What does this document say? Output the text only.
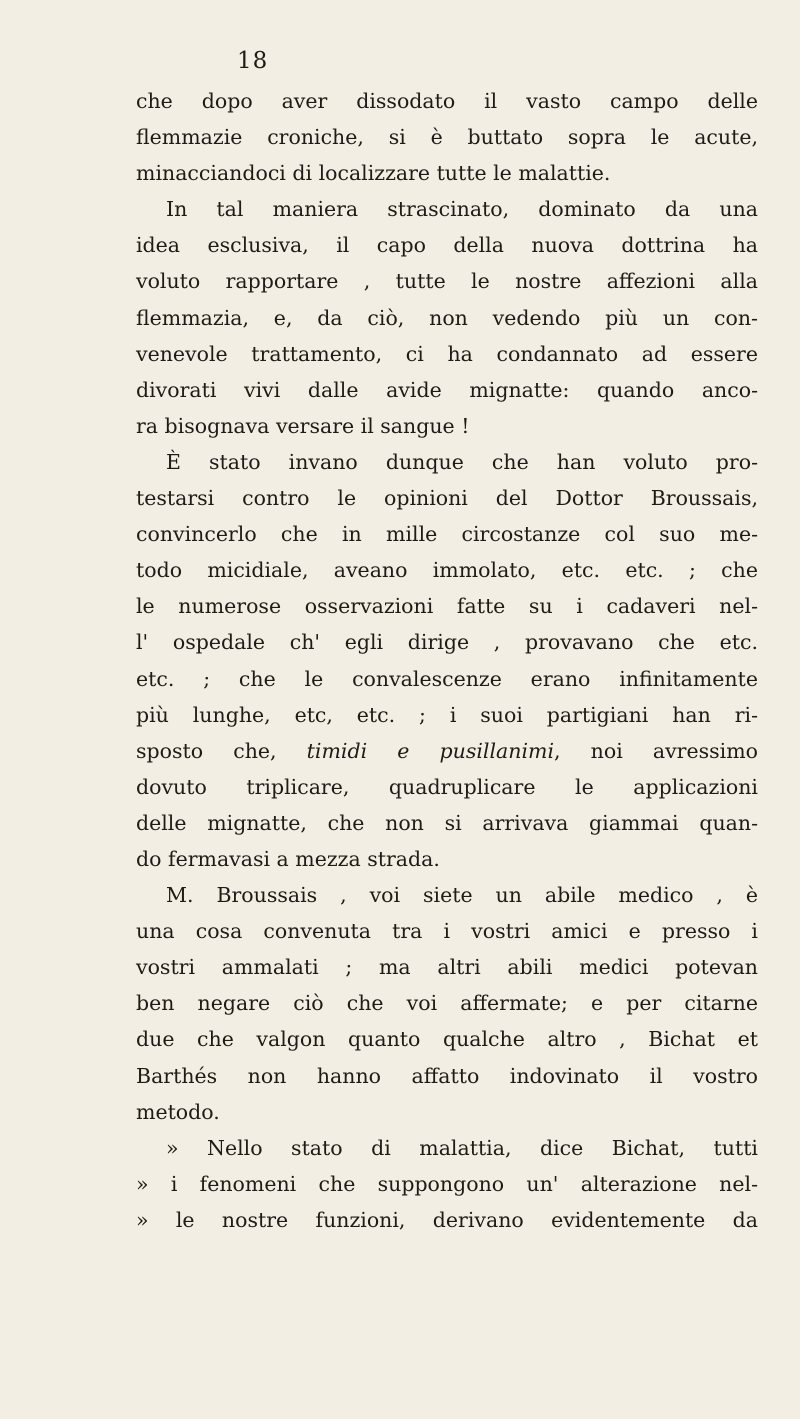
18
che dopo aver dissodato il vasto campo delle
flemmazie croniche, si è buttato sopra le acute,
minacciandoci di localizzare tutte le malattie.
In tal maniera strascinato, dominato da una
idea esclusiva, il capo della nuova dottrina ha
voluto rapportare , tutte le nostre affezioni alla
flemmazia, e, da ciò, non vedendo più un con-
venevole trattamento, ci ha condannato ad essere
divorati vivi dalle avide mignatte: quando anco-
ra bisognava versare il sangue !
È stato invano dunque che han voluto pro-
testarsi contro le opinioni del Dottor Broussais,
convincerlo che in mille circostanze col suo me-
todo micidiale, aveano immolato, etc. etc. ; che
le numerose osservazioni fatte su i cadaveri nel-
l' ospedale ch' egli dirige , provavano che etc.
etc. ; che le convalescenze erano infinitamente
più lunghe, etc, etc. ; i suoi partigiani han ri-
sposto che, timidi e pusillanimi, noi avressimo
dovuto triplicare, quadruplicare le applicazioni
delle mignatte, che non si arrivava giammai quan-
do fermavasi a mezza strada.
M. Broussais , voi siete un abile medico , è
una cosa convenuta tra i vostri amici e presso i
vostri ammalati ; ma altri abili medici potevan
ben negare ciò che voi affermate; e per citarne
due che valgon quanto qualche altro , Bichat et
Barthés non hanno affatto indovinato il vostro
metodo.
» Nello stato di malattia, dice Bichat, tutti
» i fenomeni che suppongono un' alterazione nel-
» le nostre funzioni, derivano evidentemente da
